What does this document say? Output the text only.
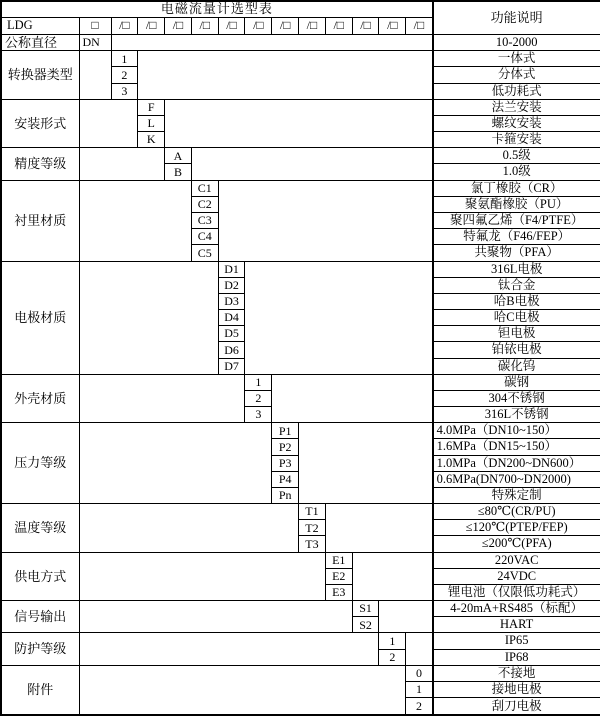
电磁流量计选型表														功能说明
LDG	□	/□	/□	/□	/□	/□	/□	/□	/□	/□	/□	/□	/□	
公称直径	DN													10-2000
转换器类型		1												一体式
		2												分体式
		3												低功耗式
安装形式			F											法兰安装
			L											螺纹安装
			K											卡箍安装
精度等级				A										0.5级
				B										1.0级
衬里材质					C1									氯丁橡胶（CR）
					C2									聚氨酯橡胶（PU）
					C3									聚四氟乙烯（F4/PTFE）
					C4									特氟龙（F46/FEP）
					C5									共聚物（PFA）
电极材质						D1								316L电极
						D2								钛合金
						D3								哈B电极
						D4								哈C电极
						D5								钽电极
						D6								铂铱电极
						D7								碳化钨
外壳材质							1							碳钢
							2							304不锈钢
							3							316L不锈钢
压力等级								P1						4.0MPa（DN10~150）
								P2						1.6MPa（DN15~150）
								P3						1.0MPa（DN200~DN600）
								P4						0.6MPa(DN700~DN2000)
								Pn						特殊定制
温度等级									T1					≤80℃(CR/PU)
									T2					≤120℃(PTEP/FEP)
									T3					≤200℃(PFA)
供电方式										E1				220VAC
										E2				24VDC
										E3				锂电池（仅限低功耗式）
信号输出											S1			4-20mA+RS485（标配）
											S2			HART
防护等级												1		IP65
												2		IP68
附件													0	不接地
													1	接地电极
													2	刮刀电极
